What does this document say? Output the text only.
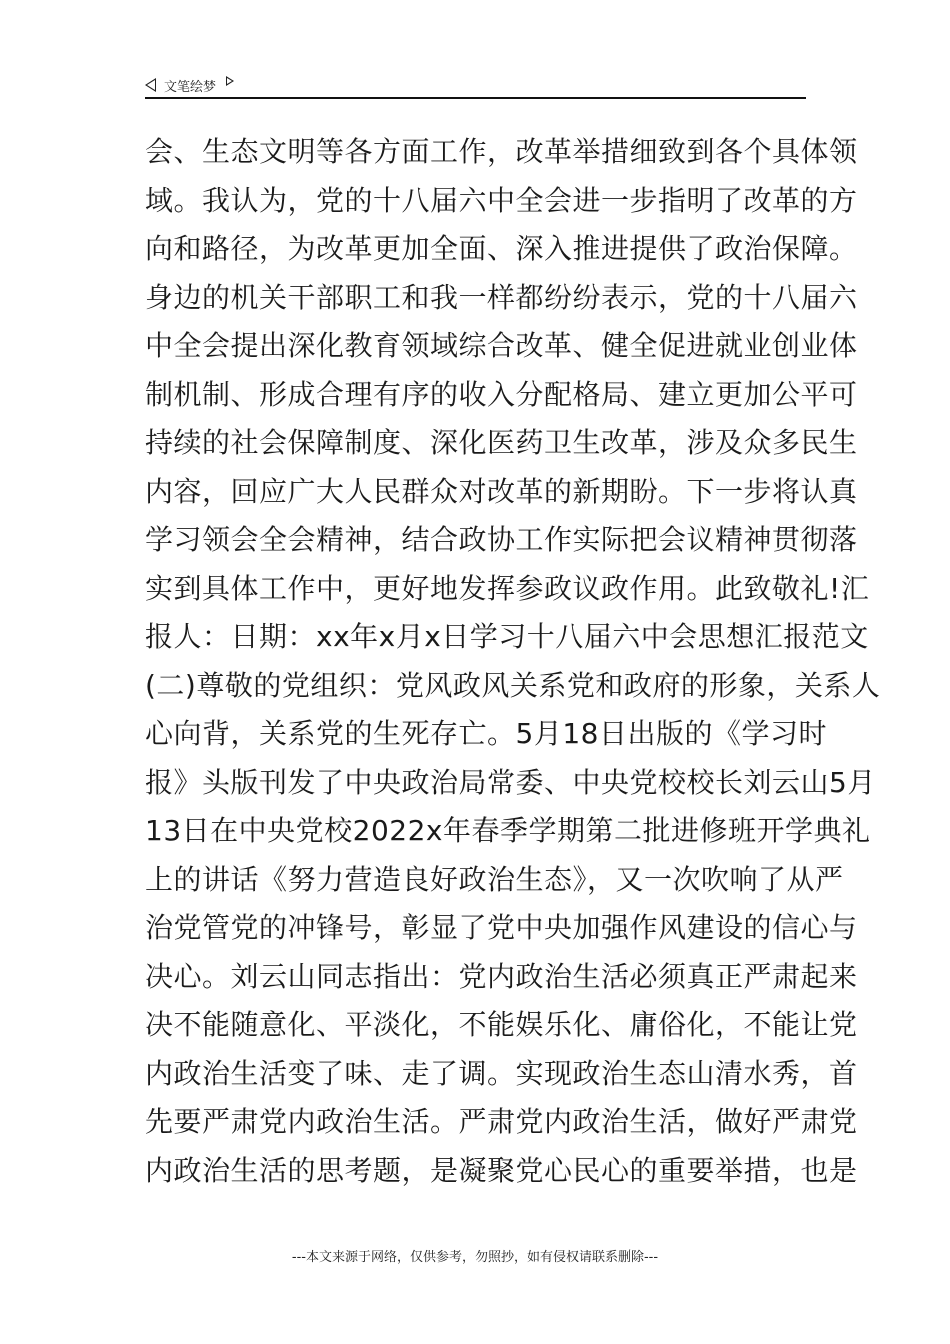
文笔绘梦
会、生态文明等各方面工作，改革举措细致到各个具体领
域。我认为，党的十八届六中全会进一步指明了改革的方
向和路径，为改革更加全面、深入推进提供了政治保障。
身边的机关干部职工和我一样都纷纷表示，党的十八届六
中全会提出深化教育领域综合改革、健全促进就业创业体
制机制、形成合理有序的收入分配格局、建立更加公平可
持续的社会保障制度、深化医药卫生改革，涉及众多民生
内容，回应广大人民群众对改革的新期盼。下一步将认真
学习领会全会精神，结合政协工作实际把会议精神贯彻落
实到具体工作中，更好地发挥参政议政作用。此致敬礼!汇
报人：日期：xx年x月x日学习十八届六中会思想汇报范文
(二)尊敬的党组织：党风政风关系党和政府的形象，关系人
心向背，关系党的生死存亡。5月18日出版的《学习时
报》头版刊发了中央政治局常委、中央党校校长刘云山5月
13日在中央党校2022x年春季学期第二批进修班开学典礼
上的讲话《努力营造良好政治生态》，又一次吹响了从严
治党管党的冲锋号，彰显了党中央加强作风建设的信心与
决心。刘云山同志指出：党内政治生活必须真正严肃起来
决不能随意化、平淡化，不能娱乐化、庸俗化，不能让党
内政治生活变了味、走了调。实现政治生态山清水秀，首
先要严肃党内政治生活。严肃党内政治生活，做好严肃党
内政治生活的思考题，是凝聚党心民心的重要举措，也是
---本文来源于网络，仅供参考，勿照抄，如有侵权请联系删除---
